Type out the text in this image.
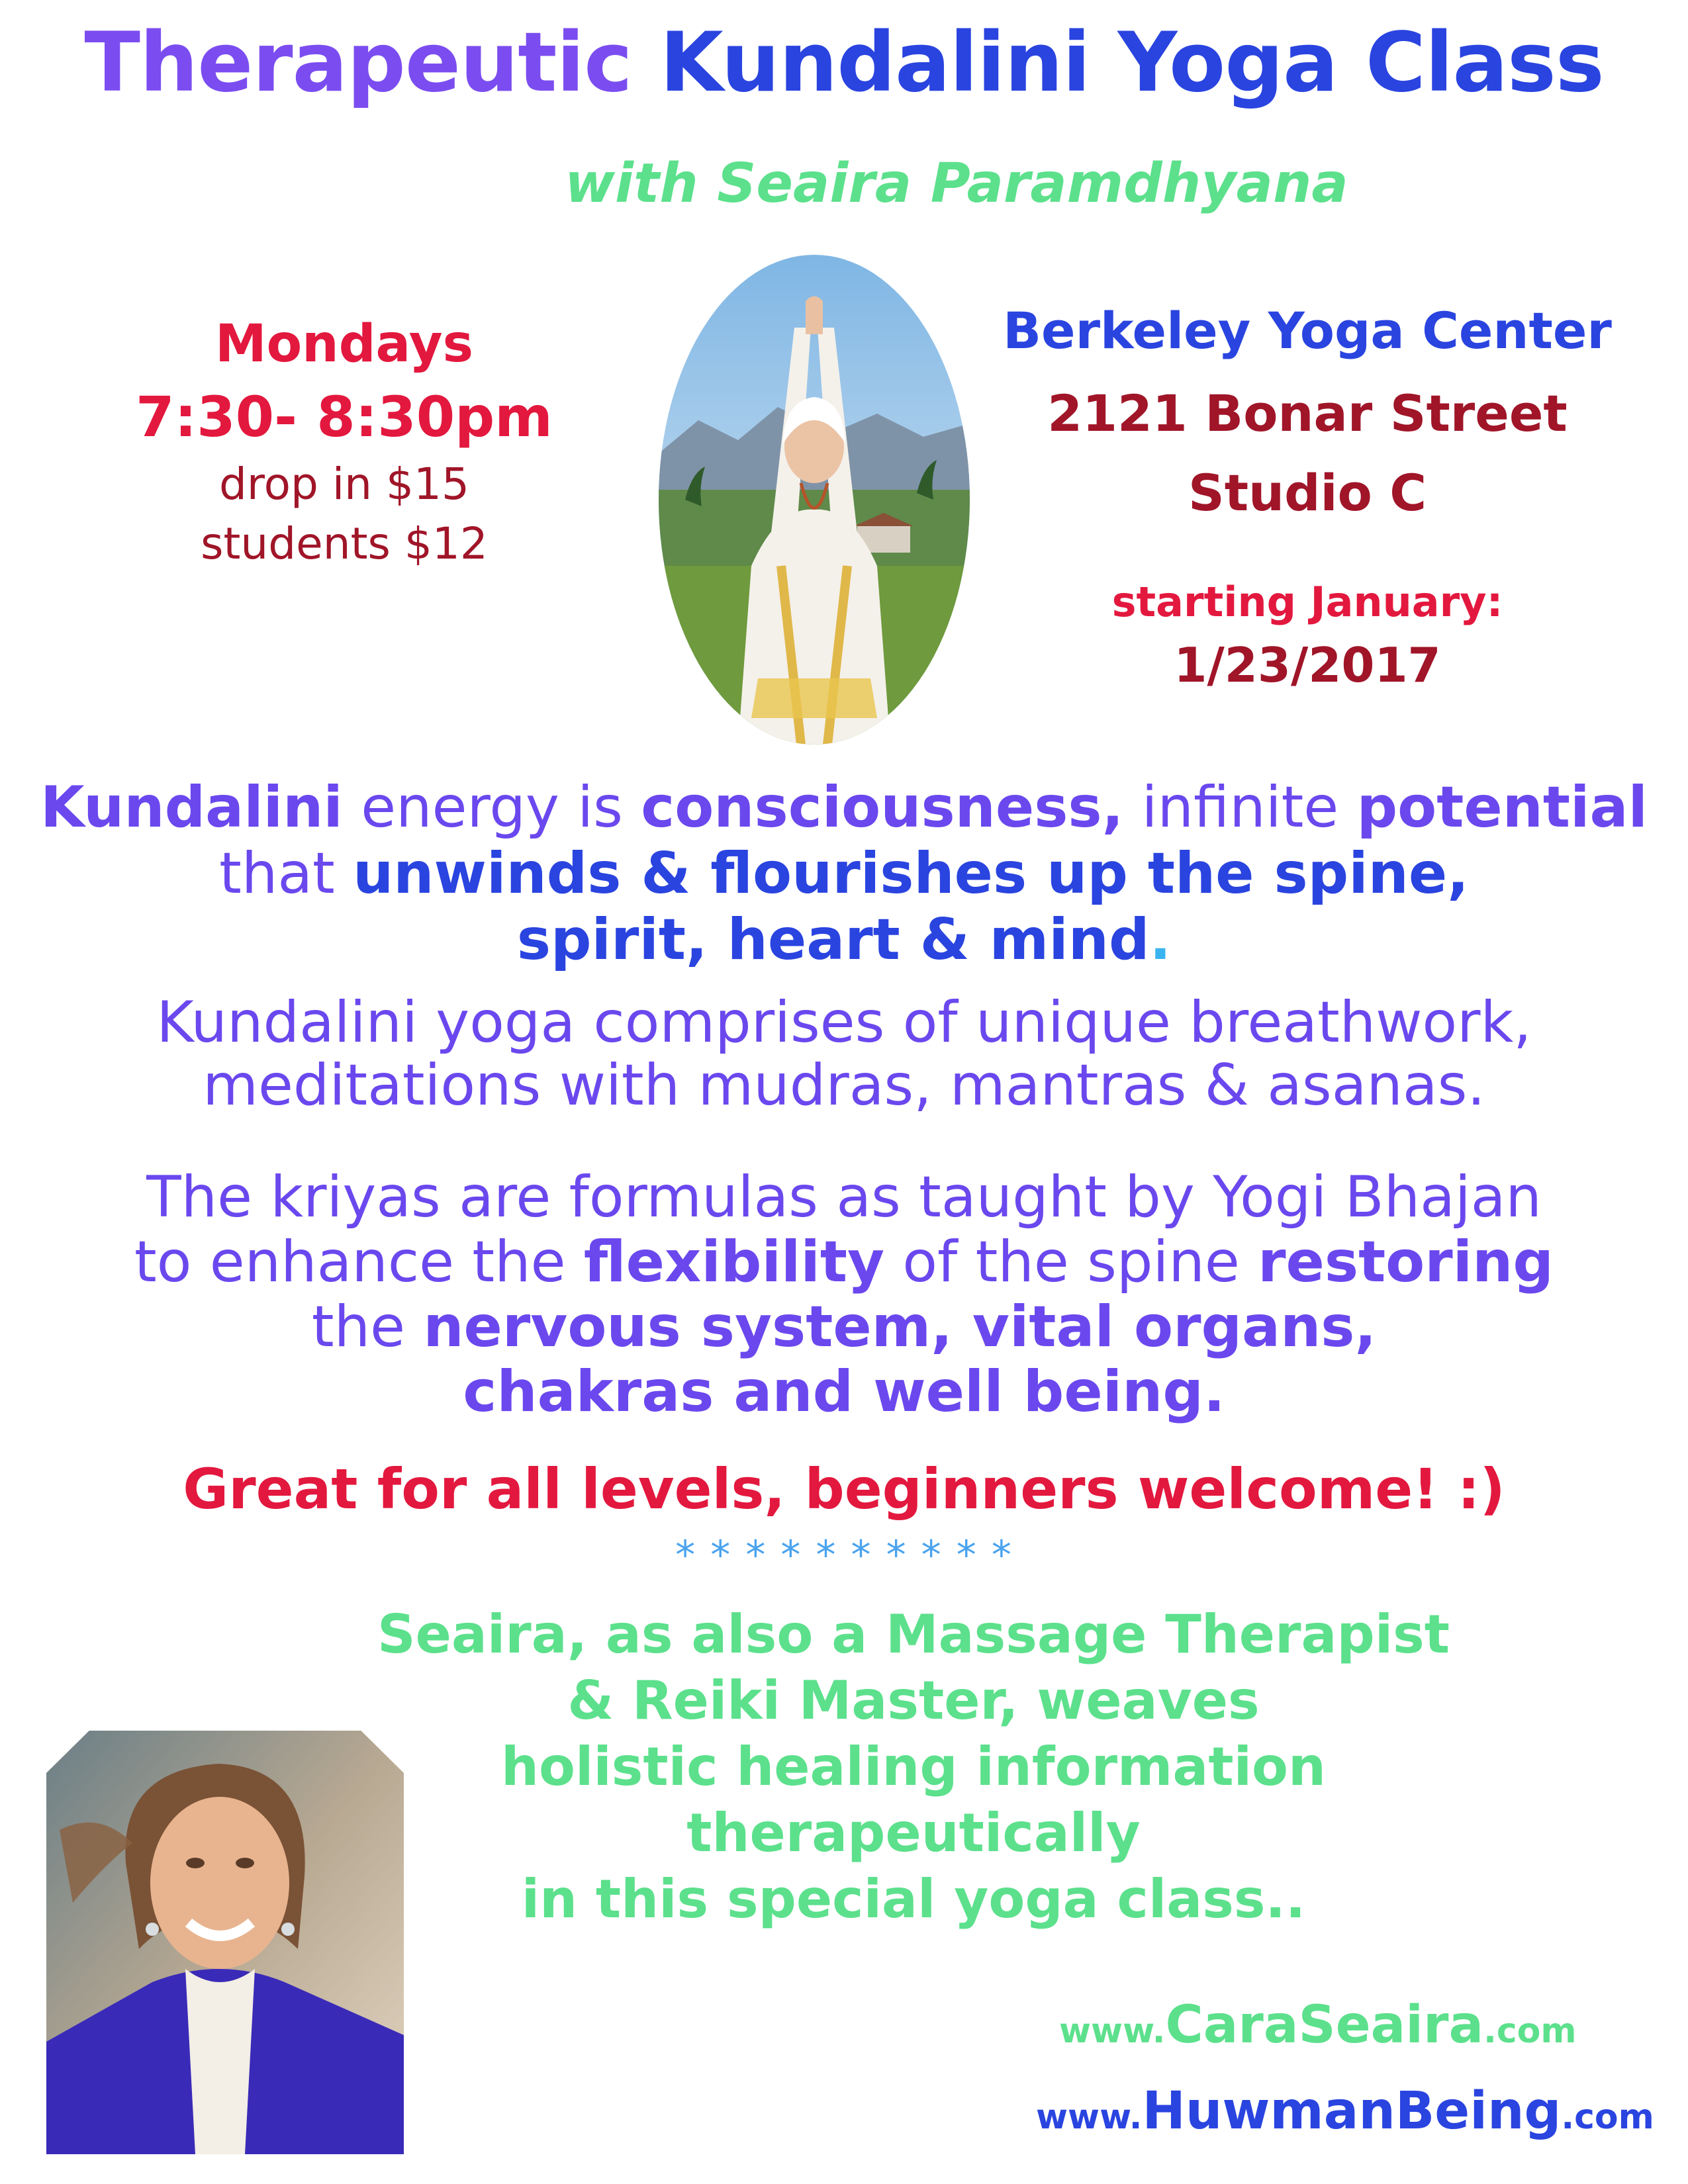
Therapeutic Kundalini Yoga Class
with Seaira Paramdhyana
Mondays
7:30- 8:30pm
drop in $15
students $12
Berkeley Yoga Center
2121 Bonar Street
Studio C
starting January:
1/23/2017
Kundalini energy is consciousness, infinite potential
that unwinds & flourishes up the spine,
spirit, heart & mind.
Kundalini yoga comprises of unique breathwork,
meditations with mudras, mantras & asanas.
The kriyas are formulas as taught by Yogi Bhajan
to enhance the flexibility of the spine restoring
the nervous system, vital organs,
chakras and well being.
Great for all levels, beginners welcome! :)
* * * * * * * * * *
Seaira, as also a Massage Therapist
& Reiki Master, weaves
holistic healing information
therapeutically
in this special yoga class..
www.CaraSeaira.com
www.HuwmanBeing.com
